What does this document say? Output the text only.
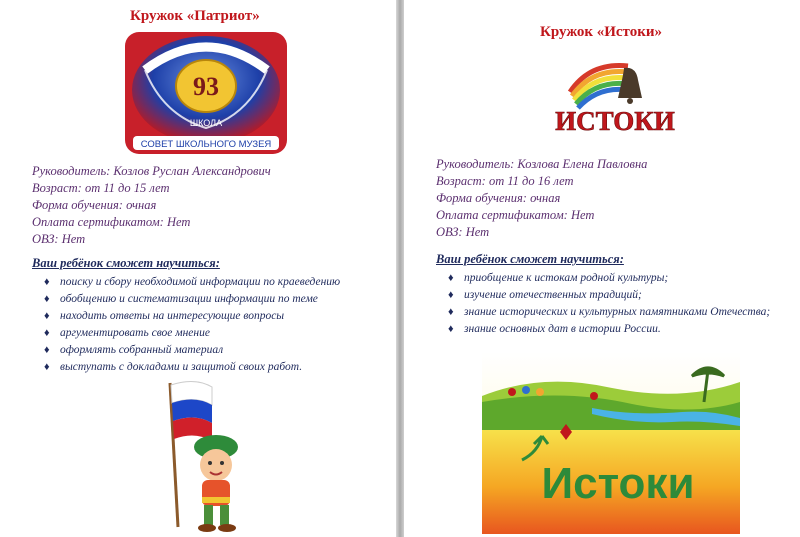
Кружок «Патриот»
93
ШКОЛА
СОВЕТ ШКОЛЬНОГО МУЗЕЯ
Руководитель: Козлов Руслан Александрович
Возраст: от 11 до 15 лет
Форма обучения: очная
Оплата сертификатом: Нет
ОВЗ: Нет
Ваш ребёнок сможет научиться:
♦ поиску и сбору необходимой информации по краеведению
♦ обобщению и систематизации информации по теме
♦ находить ответы на интересующие вопросы
♦ аргументировать свое мнение
♦ оформлять собранный материал
♦ выступать с докладами и защитой своих работ.
Кружок «Истоки»
ИСТОКИ
Руководитель: Козлова Елена Павловна
Возраст: от 11 до 16 лет
Форма обучения: очная
Оплата сертификатом: Нет
ОВЗ: Нет
Ваш ребёнок сможет научиться:
♦ приобщение к истокам родной культуры;
♦ изучение отечественных традиций;
♦ знание исторических и культурных памятниками Отечества;
♦ знание основных дат в истории России.
Истоки
